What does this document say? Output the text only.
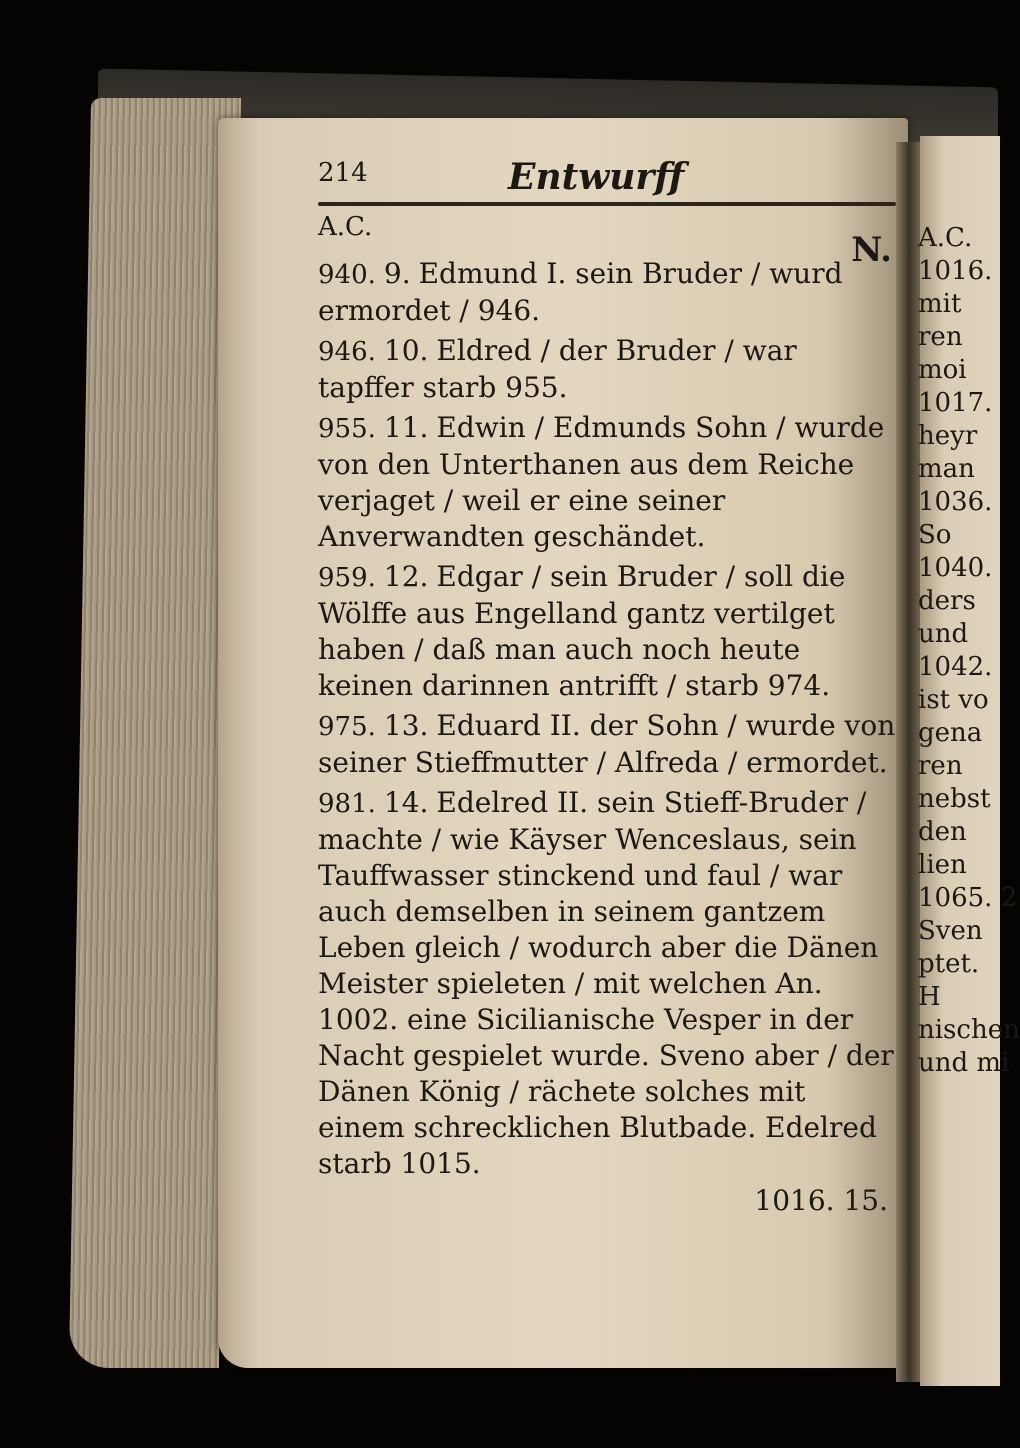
214	Entwurff
A.C.
N.
940. 9. Edmund I. sein Bruder / wurd ermordet / 946.
946. 10. Eldred / der Bruder / war tapffer starb 955.
955. 11. Edwin / Edmunds Sohn / wurde von den Unterthanen aus dem Reiche verjaget / weil er eine seiner Anverwandten geschändet.
959. 12. Edgar / sein Bruder / soll die Wölffe aus Engelland gantz vertilget haben / daß man auch noch heute keinen darinnen antrifft / starb 974.
975. 13. Eduard II. der Sohn / wurde von seiner Stieffmutter / Alfreda / ermordet.
981. 14. Edelred II. sein Stieff-Bruder / machte / wie Käyser Wenceslaus, sein Tauffwasser stinckend und faul / war auch demselben in seinem gantzem Leben gleich / wodurch aber die Dänen Meister spieleten / mit welchen An. 1002. eine Sicilianische Vesper in der Nacht gespielet wurde. Sveno aber / der Dänen König / rächete solches mit einem schrecklichen Blutbade. Edelred starb 1015.
1016. 15.
A.C.
1016.
mit
ren
moi
1017.
heyr
man
1036.
So
1040.
ders
und
1042.
ist vo
gena
ren
nebst
den
lien
1065. 2
Sven
ptet.
H
nischen
und mi
